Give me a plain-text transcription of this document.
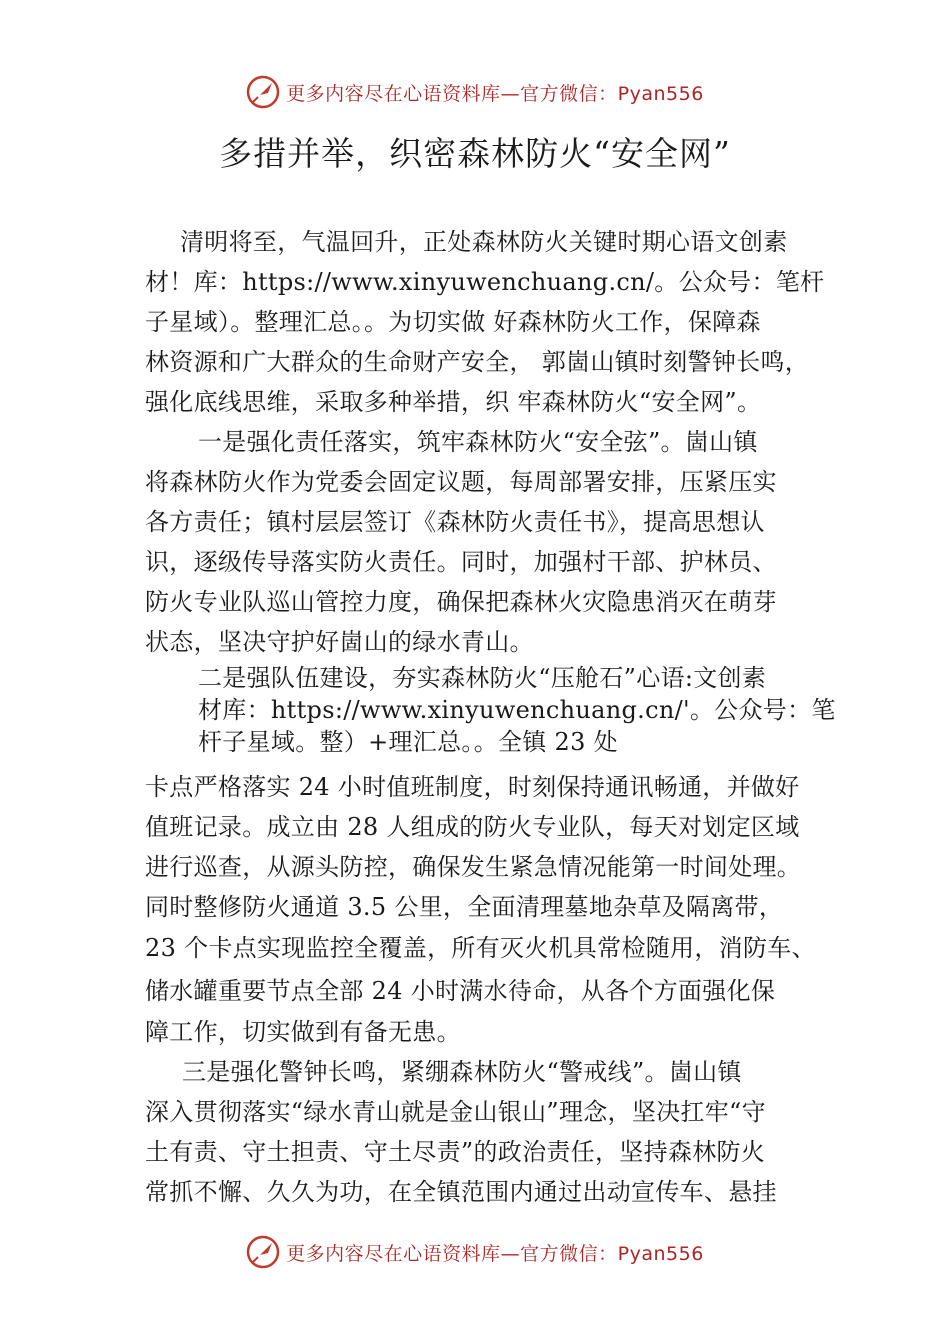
更多内容尽在心语资料库—官方微信：Pyan556
多措并举，织密森林防火“安全网”
清明将至，气温回升，正处森林防火关键时期心语文创素
材！库：https://www.xinyuwenchuang.cn/。公众号：笔杆
子星域）。整理汇总。。为切实做 好森林防火工作，保障森
林资源和广大群众的生命财产安全， 郭崮山镇时刻警钟长鸣，
强化底线思维，采取多种举措，织 牢森林防火“安全网”。
一是强化责任落实，筑牢森林防火“安全弦”。崮山镇
将森林防火作为党委会固定议题，每周部署安排，压紧压实
各方责任；镇村层层签订《森林防火责任书》，提高思想认
识，逐级传导落实防火责任。同时，加强村干部、护林员、
防火专业队巡山管控力度，确保把森林火灾隐患消灭在萌芽
状态，坚决守护好崮山的绿水青山。
二是强队伍建设，夯实森林防火“压舱石”心语:文创素
材库：https://www.xinyuwenchuang.cn/'。公众号：笔
杆子星域。整）+理汇总。。全镇 23 处
卡点严格落实 24 小时值班制度，时刻保持通讯畅通，并做好
值班记录。成立由 28 人组成的防火专业队，每天对划定区域
进行巡查，从源头防控，确保发生紧急情况能第一时间处理。
同时整修防火通道 3.5 公里，全面清理墓地杂草及隔离带，
23 个卡点实现监控全覆盖，所有灭火机具常检随用，消防车、
储水罐重要节点全部 24 小时满水待命，从各个方面强化保
障工作，切实做到有备无患。
三是强化警钟长鸣，紧绷森林防火“警戒线”。崮山镇
深入贯彻落实“绿水青山就是金山银山”理念，坚决扛牢“守
土有责、守土担责、守土尽责”的政治责任，坚持森林防火
常抓不懈、久久为功，在全镇范围内通过出动宣传车、悬挂
更多内容尽在心语资料库—官方微信：Pyan556
